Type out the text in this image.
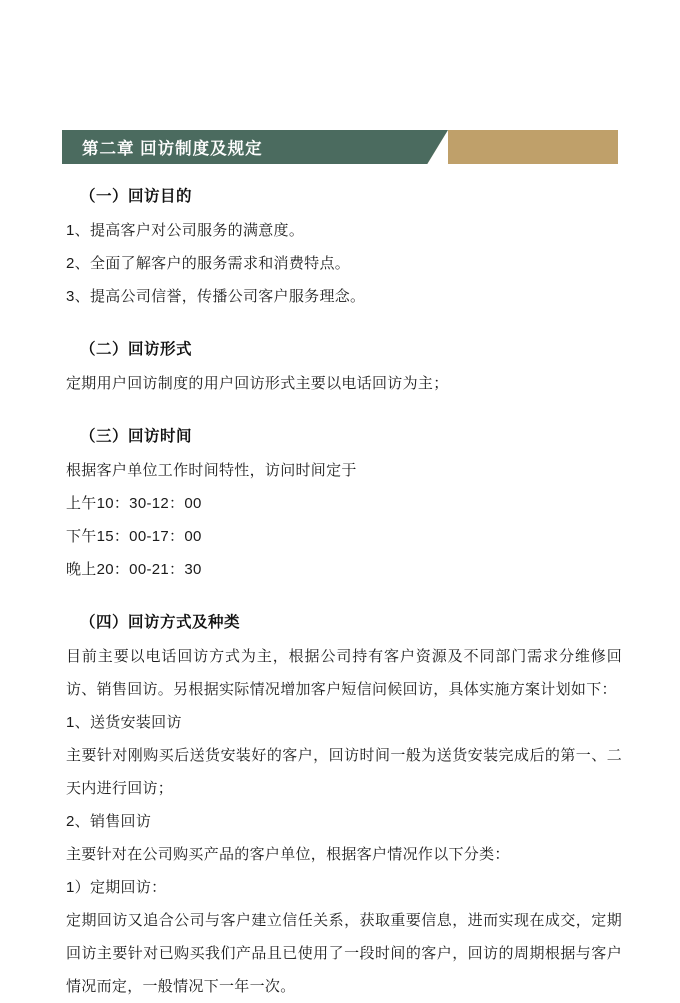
第二章 回访制度及规定
（一）回访目的
1、提高客户对公司服务的满意度。
2、全面了解客户的服务需求和消费特点。
3、提高公司信誉，传播公司客户服务理念。
（二）回访形式
定期用户回访制度的用户回访形式主要以电话回访为主；
（三）回访时间
根据客户单位工作时间特性，访问时间定于
上午10：30-12：00
下午15：00-17：00
晚上20：00-21：30
（四）回访方式及种类
目前主要以电话回访方式为主，根据公司持有客户资源及不同部门需求分维修回访、销售回访。另根据实际情况增加客户短信问候回访，具体实施方案计划如下：
1、送货安装回访
主要针对刚购买后送货安装好的客户，回访时间一般为送货安装完成后的第一、二天内进行回访；
2、销售回访
主要针对在公司购买产品的客户单位，根据客户情况作以下分类：
1）定期回访：
定期回访又追合公司与客户建立信任关系，获取重要信息，进而实现在成交，定期回访主要针对已购买我们产品且已使用了一段时间的客户，回访的周期根据与客户情况而定，一般情况下一年一次。
